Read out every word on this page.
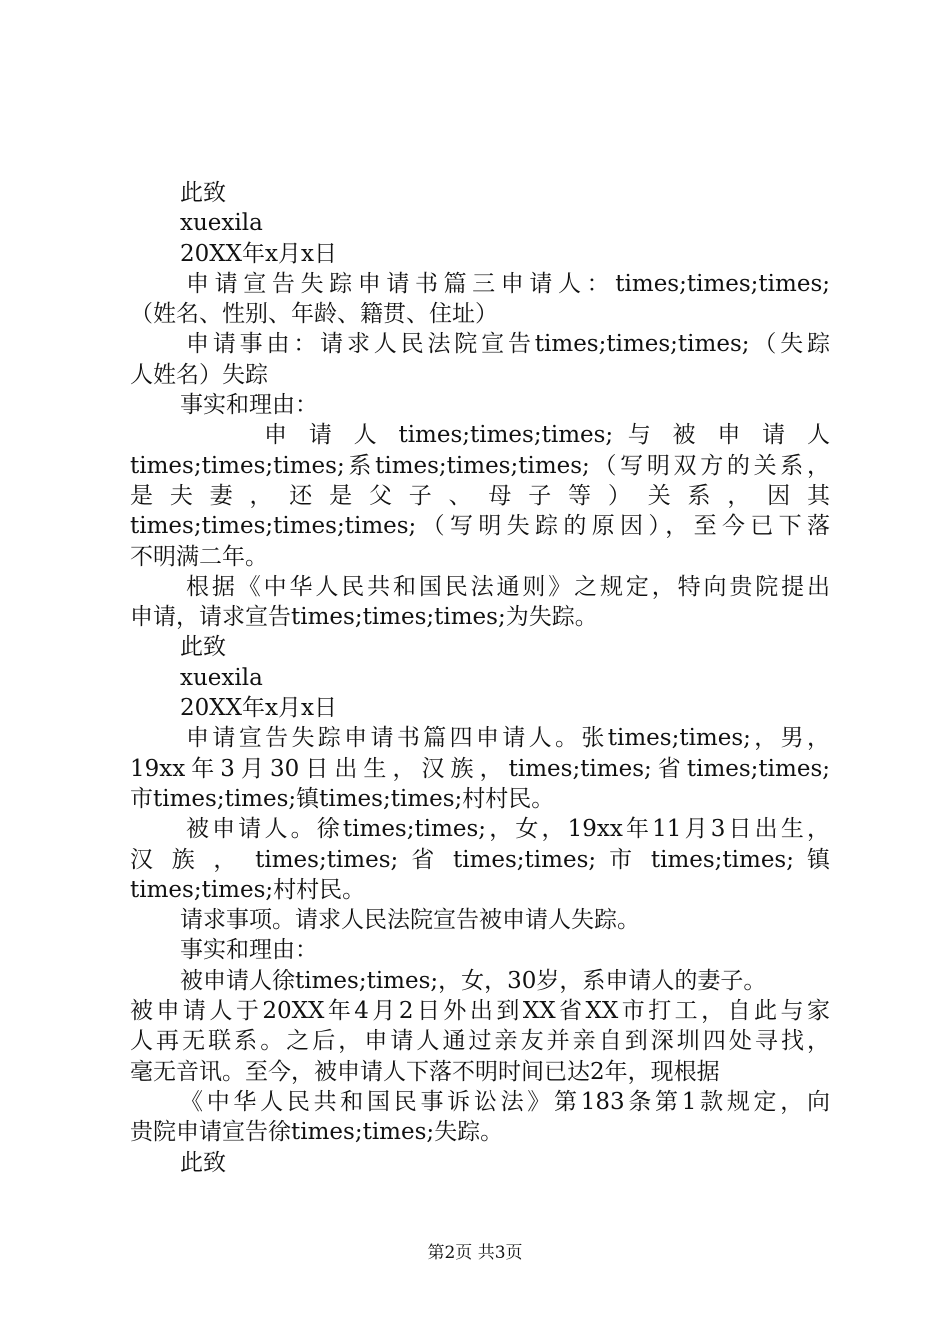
此致
xuexila
20XX年x月x日
申请宣告失踪申请书篇三申请人：times;times;times;
（姓名、性别、年龄、籍贯、住址）
申请事由：请求人民法院宣告times;times;times;（失踪
人姓名）失踪
事实和理由：
申 请 人 times;times;times; 与 被 申 请 人
times;times;times;系times;times;times;（写明双方的关系，
是 夫 妻 ， 还 是 父 子 、 母 子 等 ） 关 系 ， 因 其
times;times;times;times;（写明失踪的原因），至今已下落
不明满二年。
根据《中华人民共和国民法通则》之规定，特向贵院提出
申请，请求宣告times;times;times;为失踪。
此致
xuexila
20XX年x月x日
申请宣告失踪申请书篇四申请人。张times;times;，男，
19xx年3月30日出生，汉族，times;times;省times;times;
市times;times;镇times;times;村村民。
被申请人。徐times;times;，女，19xx年11月3日出生，
汉 族 ， times;times; 省 times;times; 市 times;times; 镇
times;times;村村民。
请求事项。请求人民法院宣告被申请人失踪。
事实和理由：
被申请人徐times;times;，女，30岁，系申请人的妻子。
被申请人于20XX年4月2日外出到XX省XX市打工，自此与家
人再无联系。之后，申请人通过亲友并亲自到深圳四处寻找，
毫无音讯。至今，被申请人下落不明时间已达2年，现根据
《中华人民共和国民事诉讼法》第183条第1款规定，向
贵院申请宣告徐times;times;失踪。
此致
第2页 共3页
